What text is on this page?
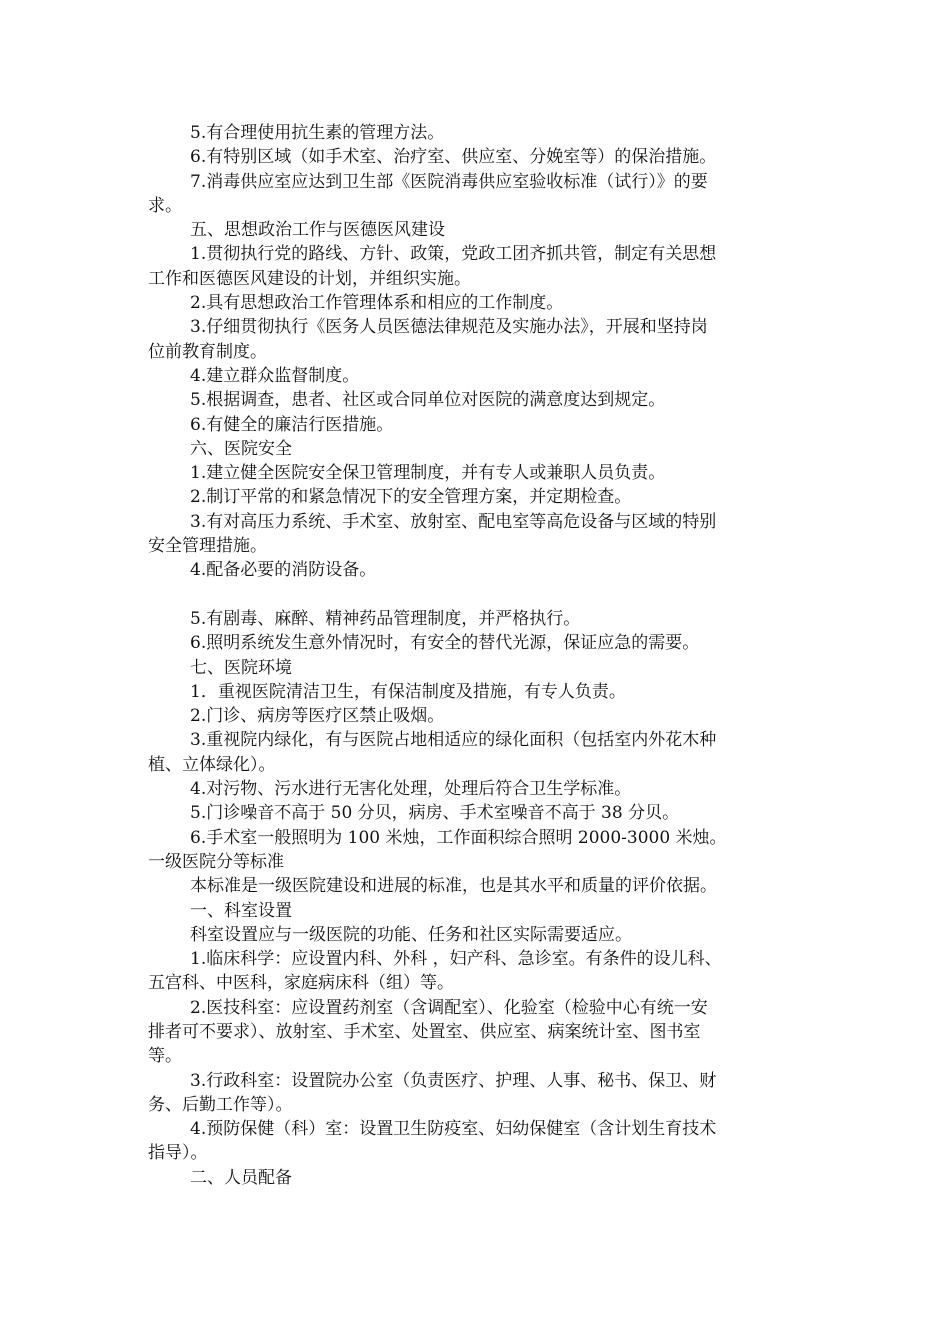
5.有合理使用抗生素的管理方法。
6.有特别区域（如手术室、治疗室、供应室、分娩室等）的保治措施。
7.消毒供应室应达到卫生部《医院消毒供应室验收标准（试行）》的要
求。
五、思想政治工作与医德医风建设
1.贯彻执行党的路线、方针、政策，党政工团齐抓共管，制定有关思想
工作和医德医风建设的计划，并组织实施。
2.具有思想政治工作管理体系和相应的工作制度。
3.仔细贯彻执行《医务人员医德法律规范及实施办法》，开展和坚持岗
位前教育制度。
4.建立群众监督制度。
5.根据调查，患者、社区或合同单位对医院的满意度达到规定。
6.有健全的廉洁行医措施。
六、医院安全
1.建立健全医院安全保卫管理制度，并有专人或兼职人员负责。
2.制订平常的和紧急情况下的安全管理方案，并定期检查。
3.有对高压力系统、手术室、放射室、配电室等高危设备与区域的特别
安全管理措施。
4.配备必要的消防设备。
5.有剧毒、麻醉、精神药品管理制度，并严格执行。
6.照明系统发生意外情况时，有安全的替代光源，保证应急的需要。
七、医院环境
1．重视医院清洁卫生，有保洁制度及措施，有专人负责。
2.门诊、病房等医疗区禁止吸烟。
3.重视院内绿化，有与医院占地相适应的绿化面积（包括室内外花木种
植、立体绿化）。
4.对污物、污水进行无害化处理，处理后符合卫生学标准。
5.门诊噪音不高于 50 分贝，病房、手术室噪音不高于 38 分贝。
6.手术室一般照明为 100 米烛，工作面积综合照明 2000-3000 米烛。
一级医院分等标准
本标准是一级医院建设和进展的标准，也是其水平和质量的评价依据。
一、科室设置
科室设置应与一级医院的功能、任务和社区实际需要适应。
1.临床科学：应设置内科、外科 ，妇产科、急诊室。有条件的设儿科、
五宫科、中医科，家庭病床科（组）等。
2.医技科室：应设置药剂室（含调配室）、化验室（检验中心有统一安
排者可不要求）、放射室、手术室、处置室、供应室、病案统计室、图书室
等。
3.行政科室：设置院办公室（负责医疗、护理、人事、秘书、保卫、财
务、后勤工作等）。
4.预防保健（科）室：设置卫生防疫室、妇幼保健室（含计划生育技术
指导）。
二、人员配备
